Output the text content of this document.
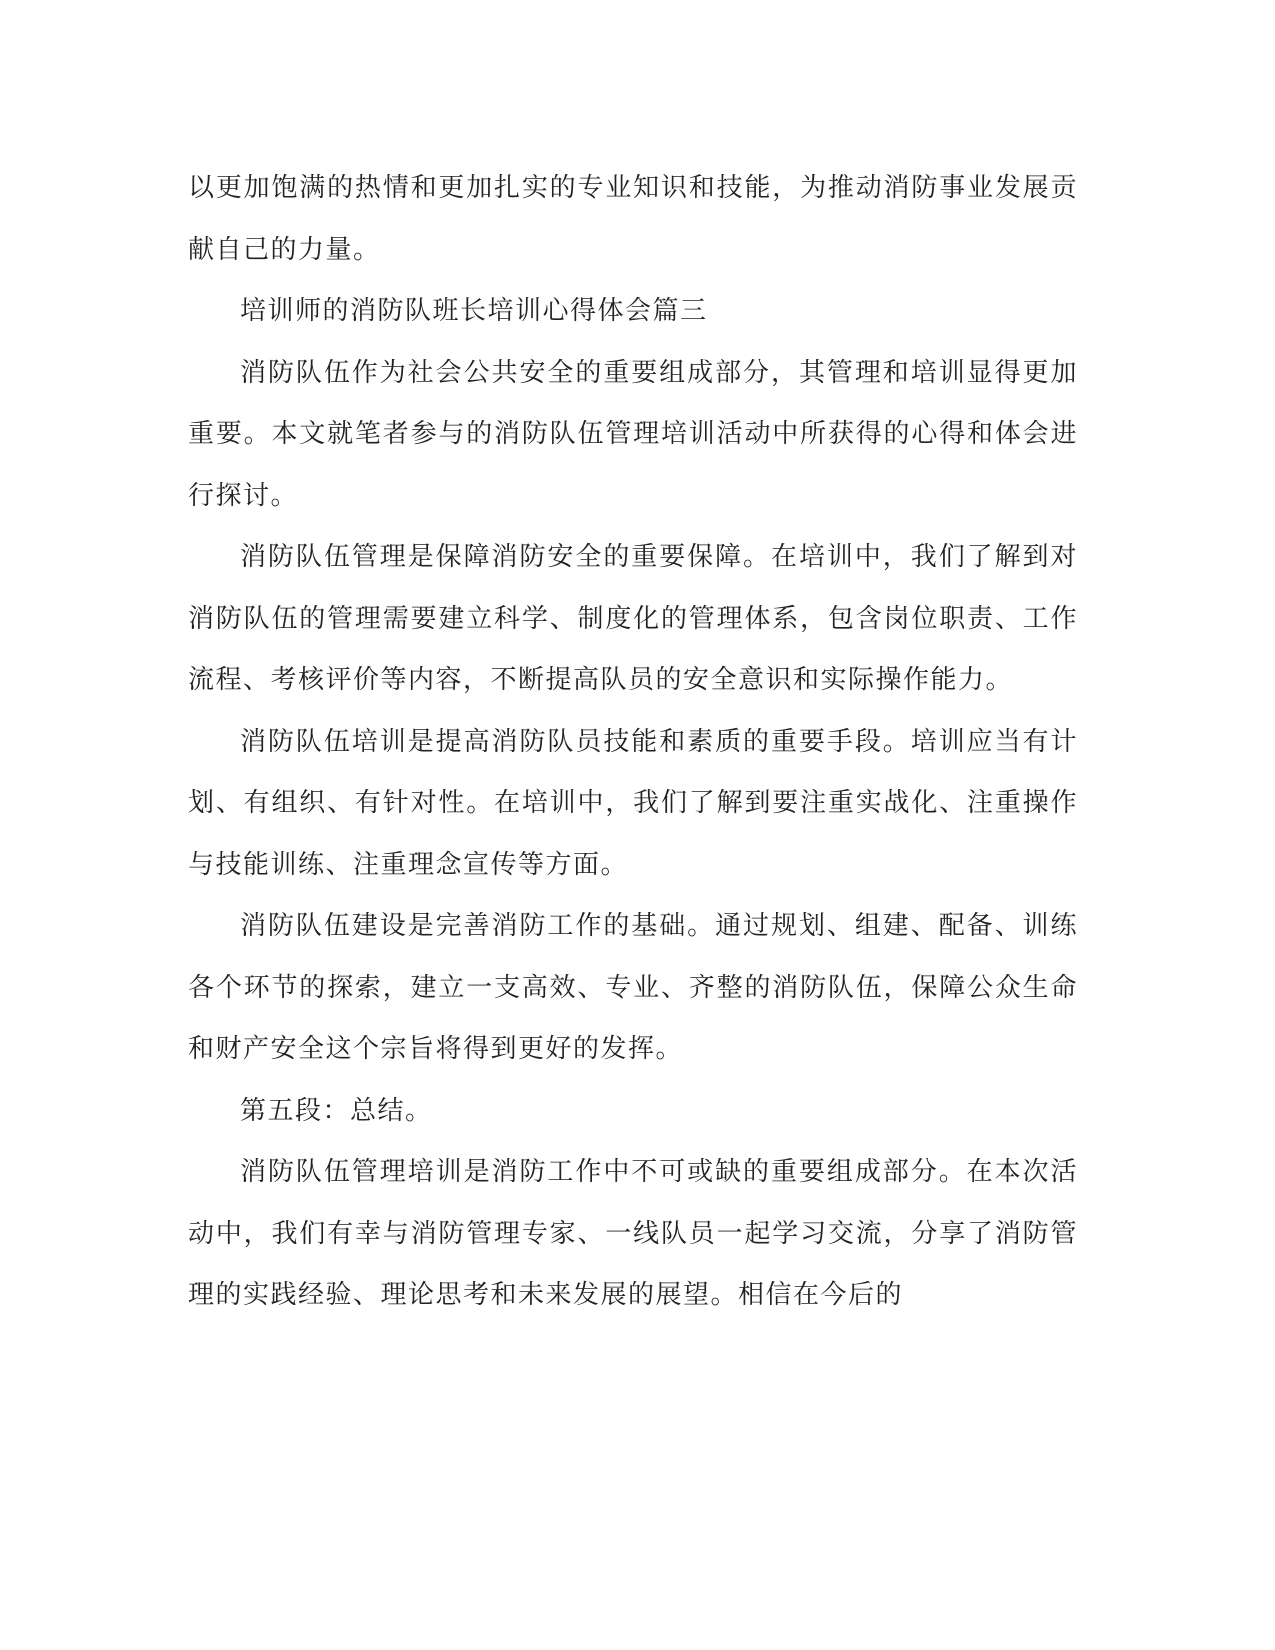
以更加饱满的热情和更加扎实的专业知识和技能，为推动消防事业发展贡献自己的力量。

培训师的消防队班长培训心得体会篇三

消防队伍作为社会公共安全的重要组成部分，其管理和培训显得更加重要。本文就笔者参与的消防队伍管理培训活动中所获得的心得和体会进行探讨。

消防队伍管理是保障消防安全的重要保障。在培训中，我们了解到对消防队伍的管理需要建立科学、制度化的管理体系，包含岗位职责、工作流程、考核评价等内容，不断提高队员的安全意识和实际操作能力。

消防队伍培训是提高消防队员技能和素质的重要手段。培训应当有计划、有组织、有针对性。在培训中，我们了解到要注重实战化、注重操作与技能训练、注重理念宣传等方面。

消防队伍建设是完善消防工作的基础。通过规划、组建、配备、训练各个环节的探索，建立一支高效、专业、齐整的消防队伍，保障公众生命和财产安全这个宗旨将得到更好的发挥。

第五段：总结。

消防队伍管理培训是消防工作中不可或缺的重要组成部分。在本次活动中，我们有幸与消防管理专家、一线队员一起学习交流，分享了消防管理的实践经验、理论思考和未来发展的展望。相信在今后的
